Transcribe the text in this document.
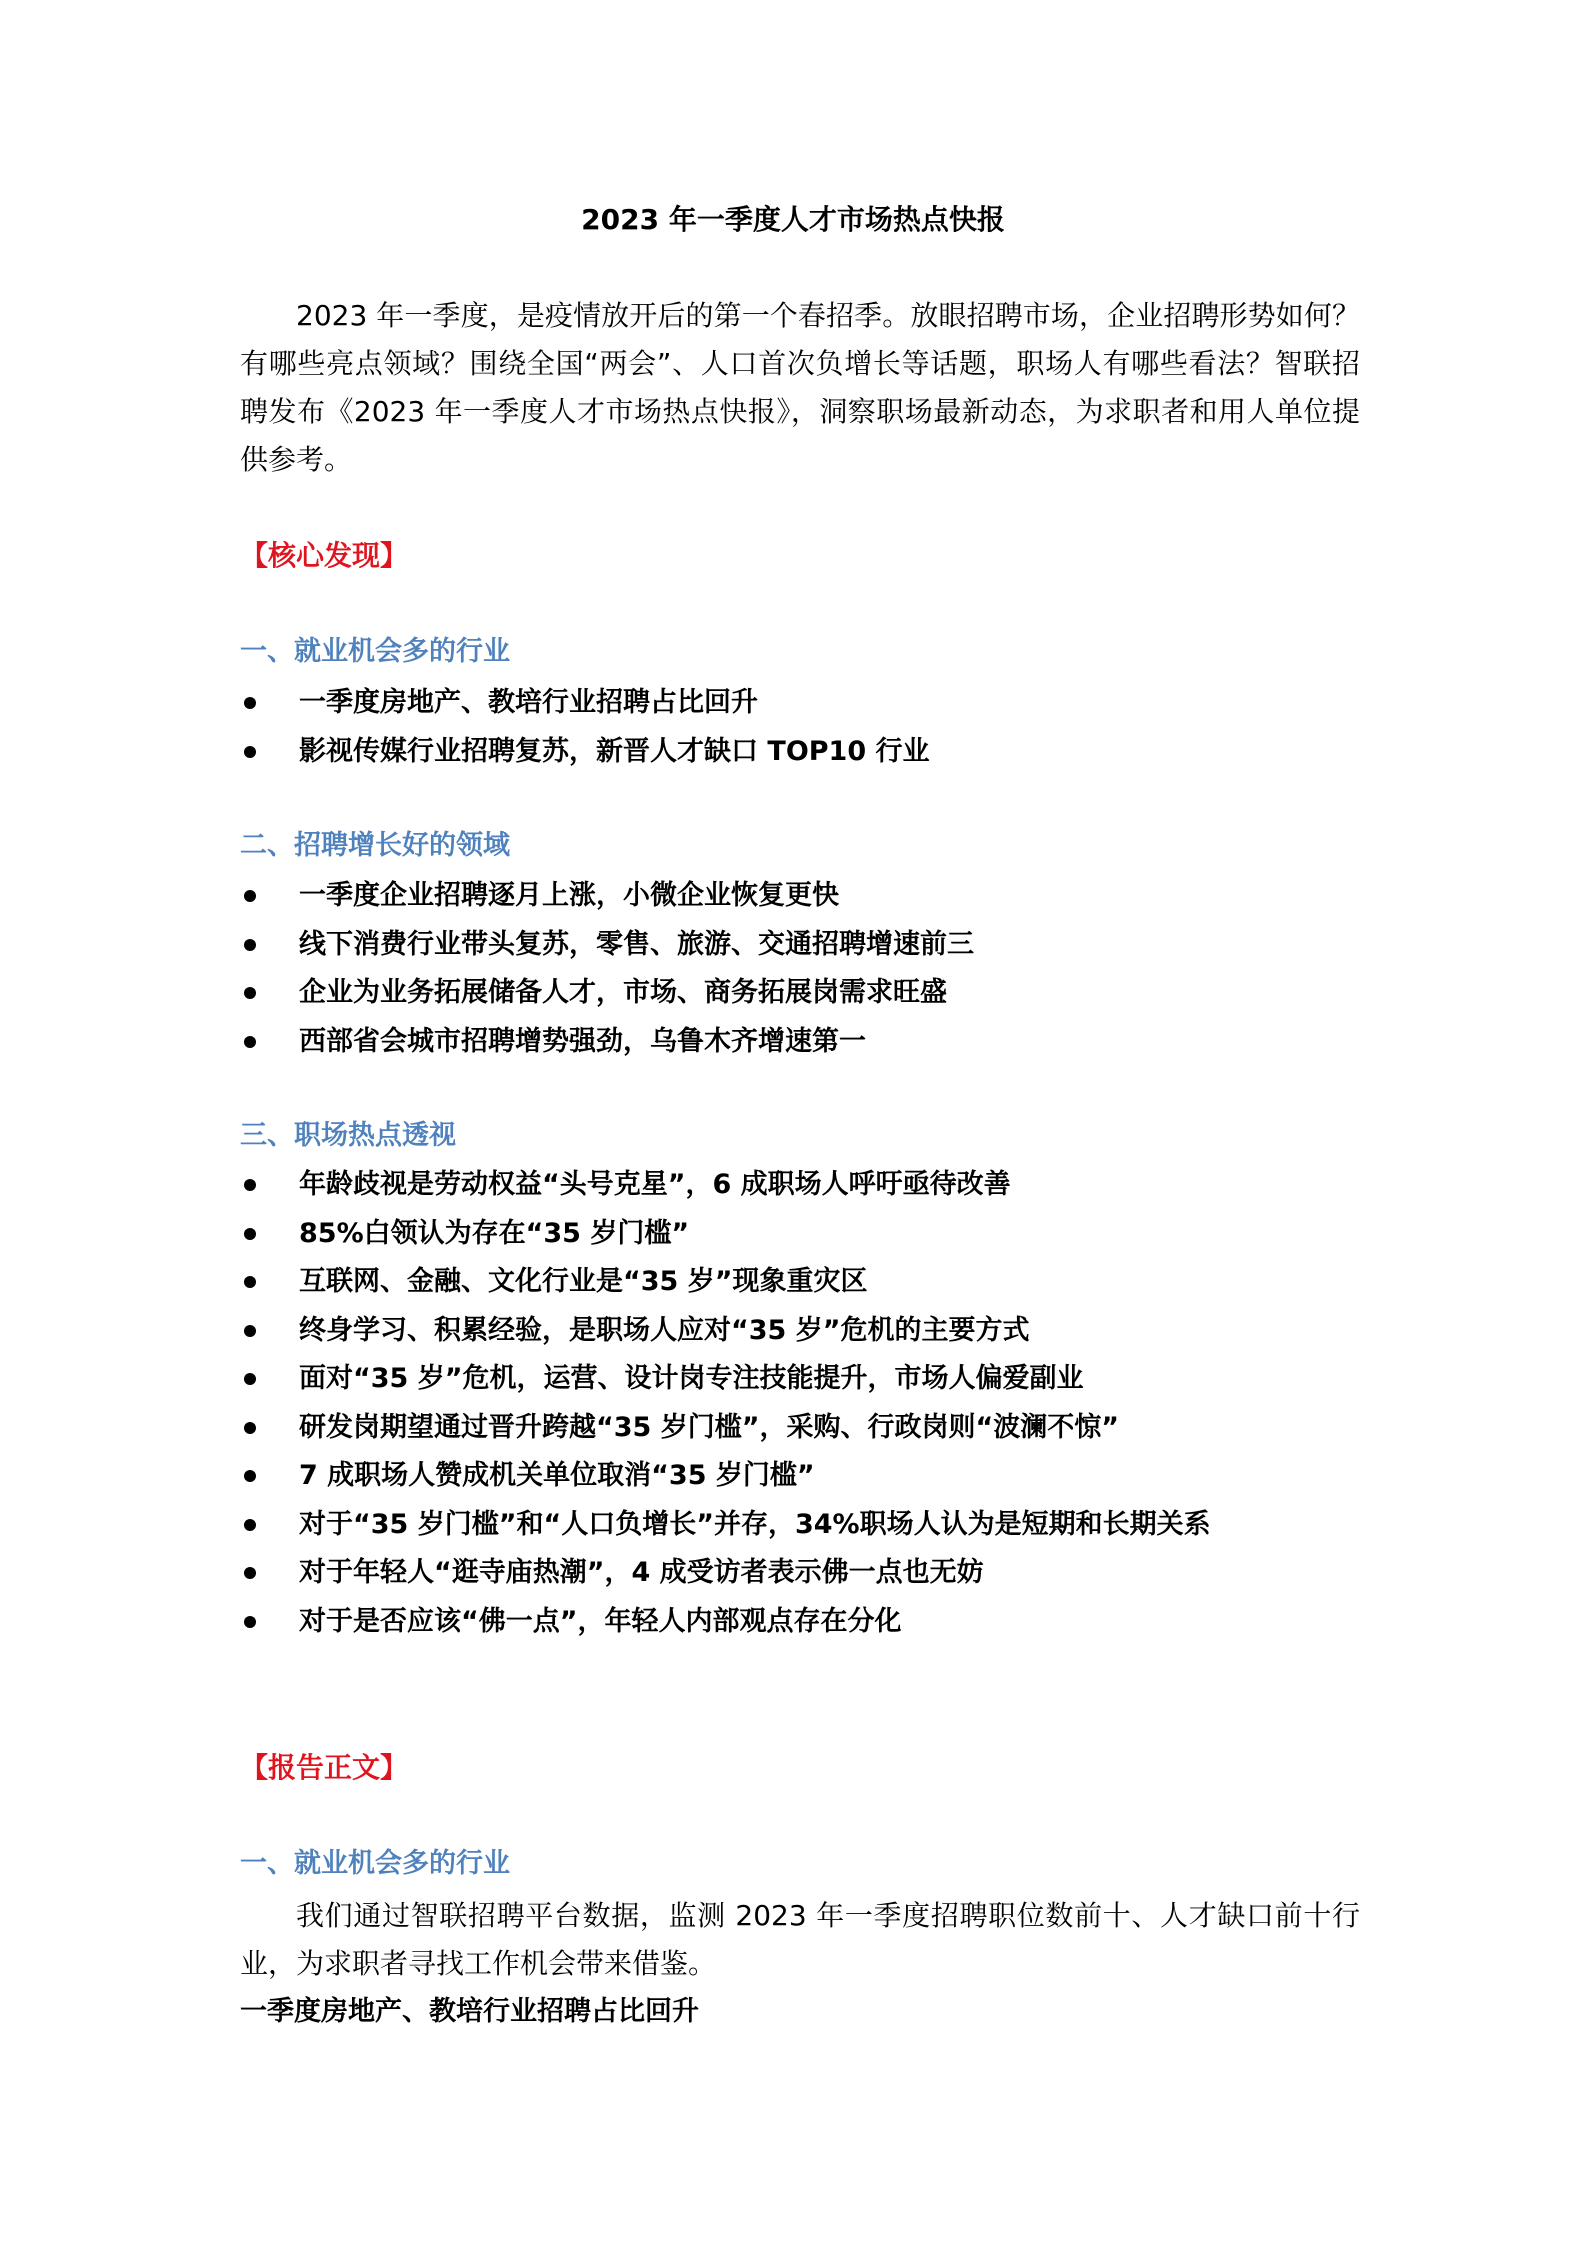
2023 年一季度人才市场热点快报

2023 年一季度，是疫情放开后的第一个春招季。放眼招聘市场，企业招聘形势如何？有哪些亮点领域？围绕全国“两会”、人口首次负增长等话题，职场人有哪些看法？智联招聘发布《2023 年一季度人才市场热点快报》，洞察职场最新动态，为求职者和用人单位提供参考。

【核心发现】
一、就业机会多的行业
一季度房地产、教培行业招聘占比回升
影视传媒行业招聘复苏，新晋人才缺口 TOP10 行业
二、招聘增长好的领域
一季度企业招聘逐月上涨，小微企业恢复更快
线下消费行业带头复苏，零售、旅游、交通招聘增速前三
企业为业务拓展储备人才，市场、商务拓展岗需求旺盛
西部省会城市招聘增势强劲，乌鲁木齐增速第一
三、职场热点透视
年龄歧视是劳动权益“头号克星”，6 成职场人呼吁亟待改善
85%白领认为存在“35 岁门槛”
互联网、金融、文化行业是“35 岁”现象重灾区
终身学习、积累经验，是职场人应对“35 岁”危机的主要方式
面对“35 岁”危机，运营、设计岗专注技能提升，市场人偏爱副业
研发岗期望通过晋升跨越“35 岁门槛”，采购、行政岗则“波澜不惊”
7 成职场人赞成机关单位取消“35 岁门槛”
对于“35 岁门槛”和“人口负增长”并存，34%职场人认为是短期和长期关系
对于年轻人“逛寺庙热潮”，4 成受访者表示佛一点也无妨
对于是否应该“佛一点”，年轻人内部观点存在分化
【报告正文】
一、就业机会多的行业

我们通过智联招聘平台数据，监测 2023 年一季度招聘职位数前十、人才缺口前十行业，为求职者寻找工作机会带来借鉴。

一季度房地产、教培行业招聘占比回升
